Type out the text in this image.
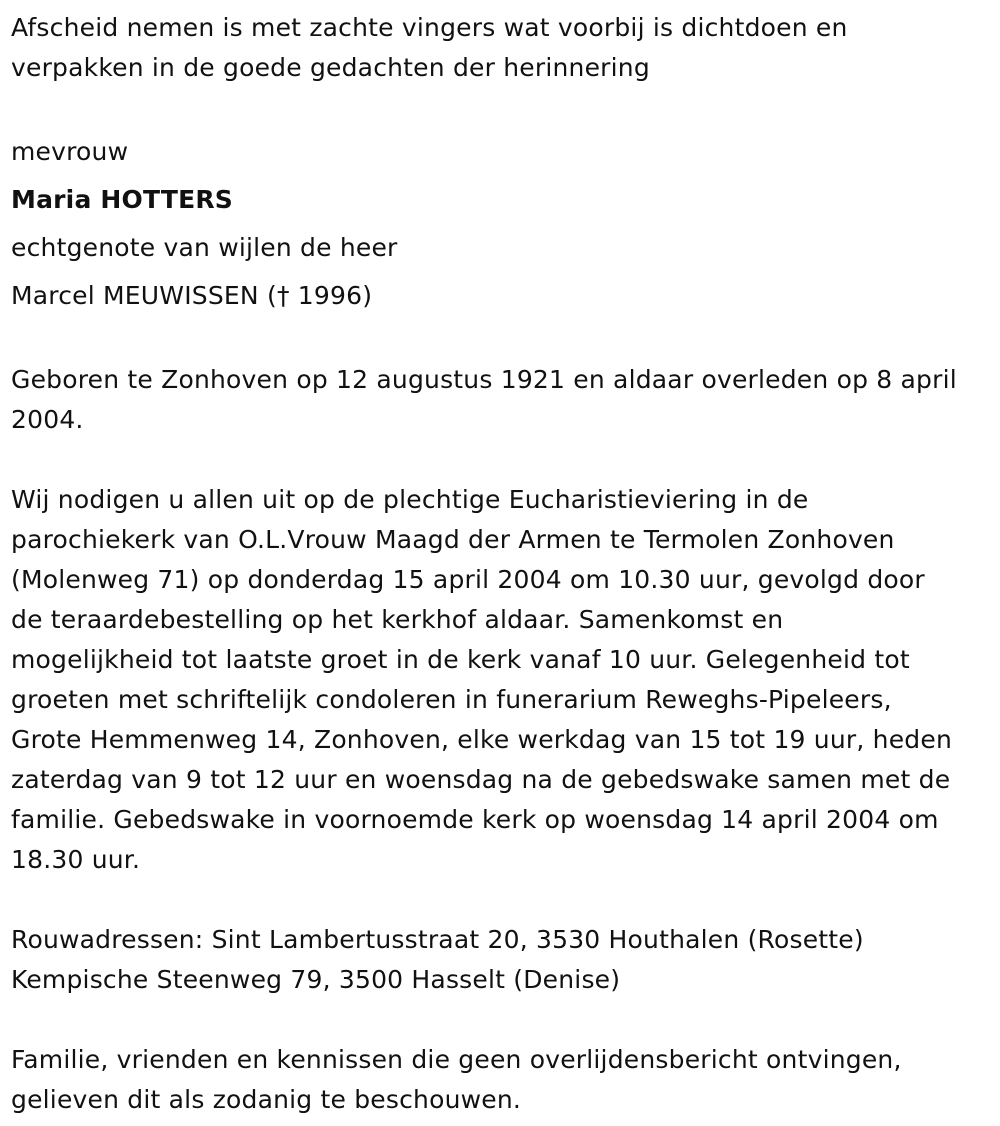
Afscheid nemen is met zachte vingers wat voorbij is dichtdoen en
verpakken in de goede gedachten der herinnering

mevrouw
Maria HOTTERS
echtgenote van wijlen de heer
Marcel MEUWISSEN († 1996)

Geboren te Zonhoven op 12 augustus 1921 en aldaar overleden op 8 april
2004.

Wij nodigen u allen uit op de plechtige Eucharistieviering in de
parochiekerk van O.L.Vrouw Maagd der Armen te Termolen Zonhoven
(Molenweg 71) op donderdag 15 april 2004 om 10.30 uur, gevolgd door
de teraardebestelling op het kerkhof aldaar. Samenkomst en
mogelijkheid tot laatste groet in de kerk vanaf 10 uur. Gelegenheid tot
groeten met schriftelijk condoleren in funerarium Reweghs-Pipeleers,
Grote Hemmenweg 14, Zonhoven, elke werkdag van 15 tot 19 uur, heden
zaterdag van 9 tot 12 uur en woensdag na de gebedswake samen met de
familie. Gebedswake in voornoemde kerk op woensdag 14 april 2004 om
18.30 uur.

Rouwadressen: Sint Lambertusstraat 20, 3530 Houthalen (Rosette)
Kempische Steenweg 79, 3500 Hasselt (Denise)

Familie, vrienden en kennissen die geen overlijdensbericht ontvingen,
gelieven dit als zodanig te beschouwen.
